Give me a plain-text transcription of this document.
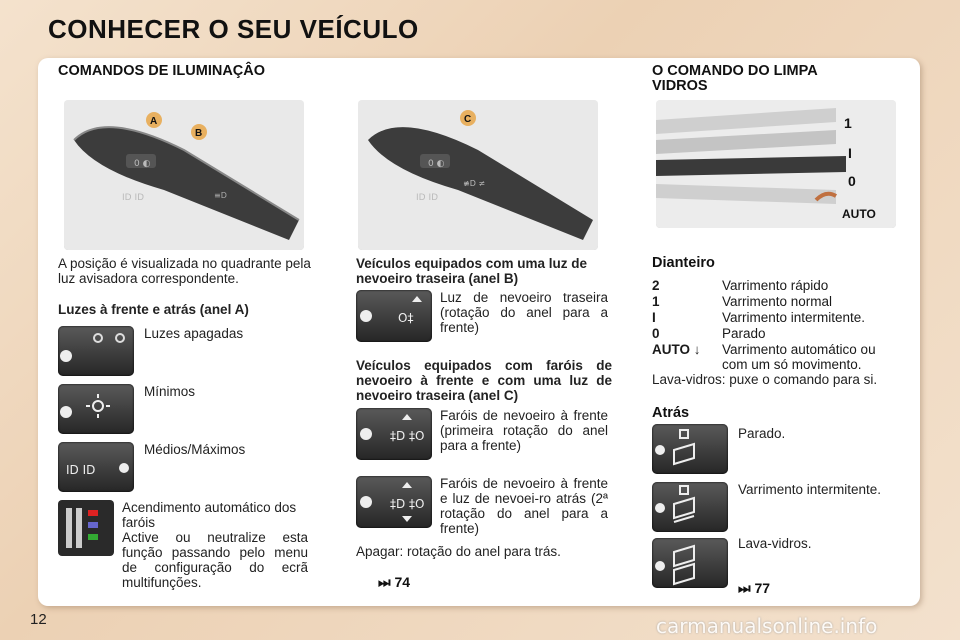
CONHECER O SEU VEÍCULO
COMANDOS DE ILUMINAÇÂO
0 ◐
ID ID	≡D
A
B
0 ◐
≢D ≠
ID ID
C
A posição é visualizada no quadrante pela luz avisadora correspondente.
Luzes à frente e atrás (anel A)
Luzes apagadas
Mínimos
ID ID
Médios/Máximos
Acendimento automático dos faróis
Active ou neutralize esta função passando pelo menu de configuração do ecrã multifunções.
Veículos equipados com uma luz de nevoeiro traseira (anel B)
O‡
Luz de nevoeiro traseira (rotação do anel para a frente)
Veículos equipados com faróis de nevoeiro à frente e com uma luz de nevoeiro traseira (anel C)
‡D ‡O
Faróis de nevoeiro à frente (primeira rotação do anel para a frente)
‡D ‡O
Faróis de nevoeiro à frente e luz de nevoei-ro atrás (2ª rotação do anel para a frente)
Apagar: rotação do anel para trás.
⏭ 74
O COMANDO DO LIMPA VIDROS
1
I
0
AUTO
Dianteiro
2	Varrimento rápido
1	Varrimento normal
I	Varrimento intermitente.
0	Parado
AUTO ↓ Varrimento automático ou com um só movimento.
Lava-vidros: puxe o comando para si.
Atrás
Parado.
Varrimento intermitente.
Lava-vidros.
⏭ 77
12	carmanualsonline.info
